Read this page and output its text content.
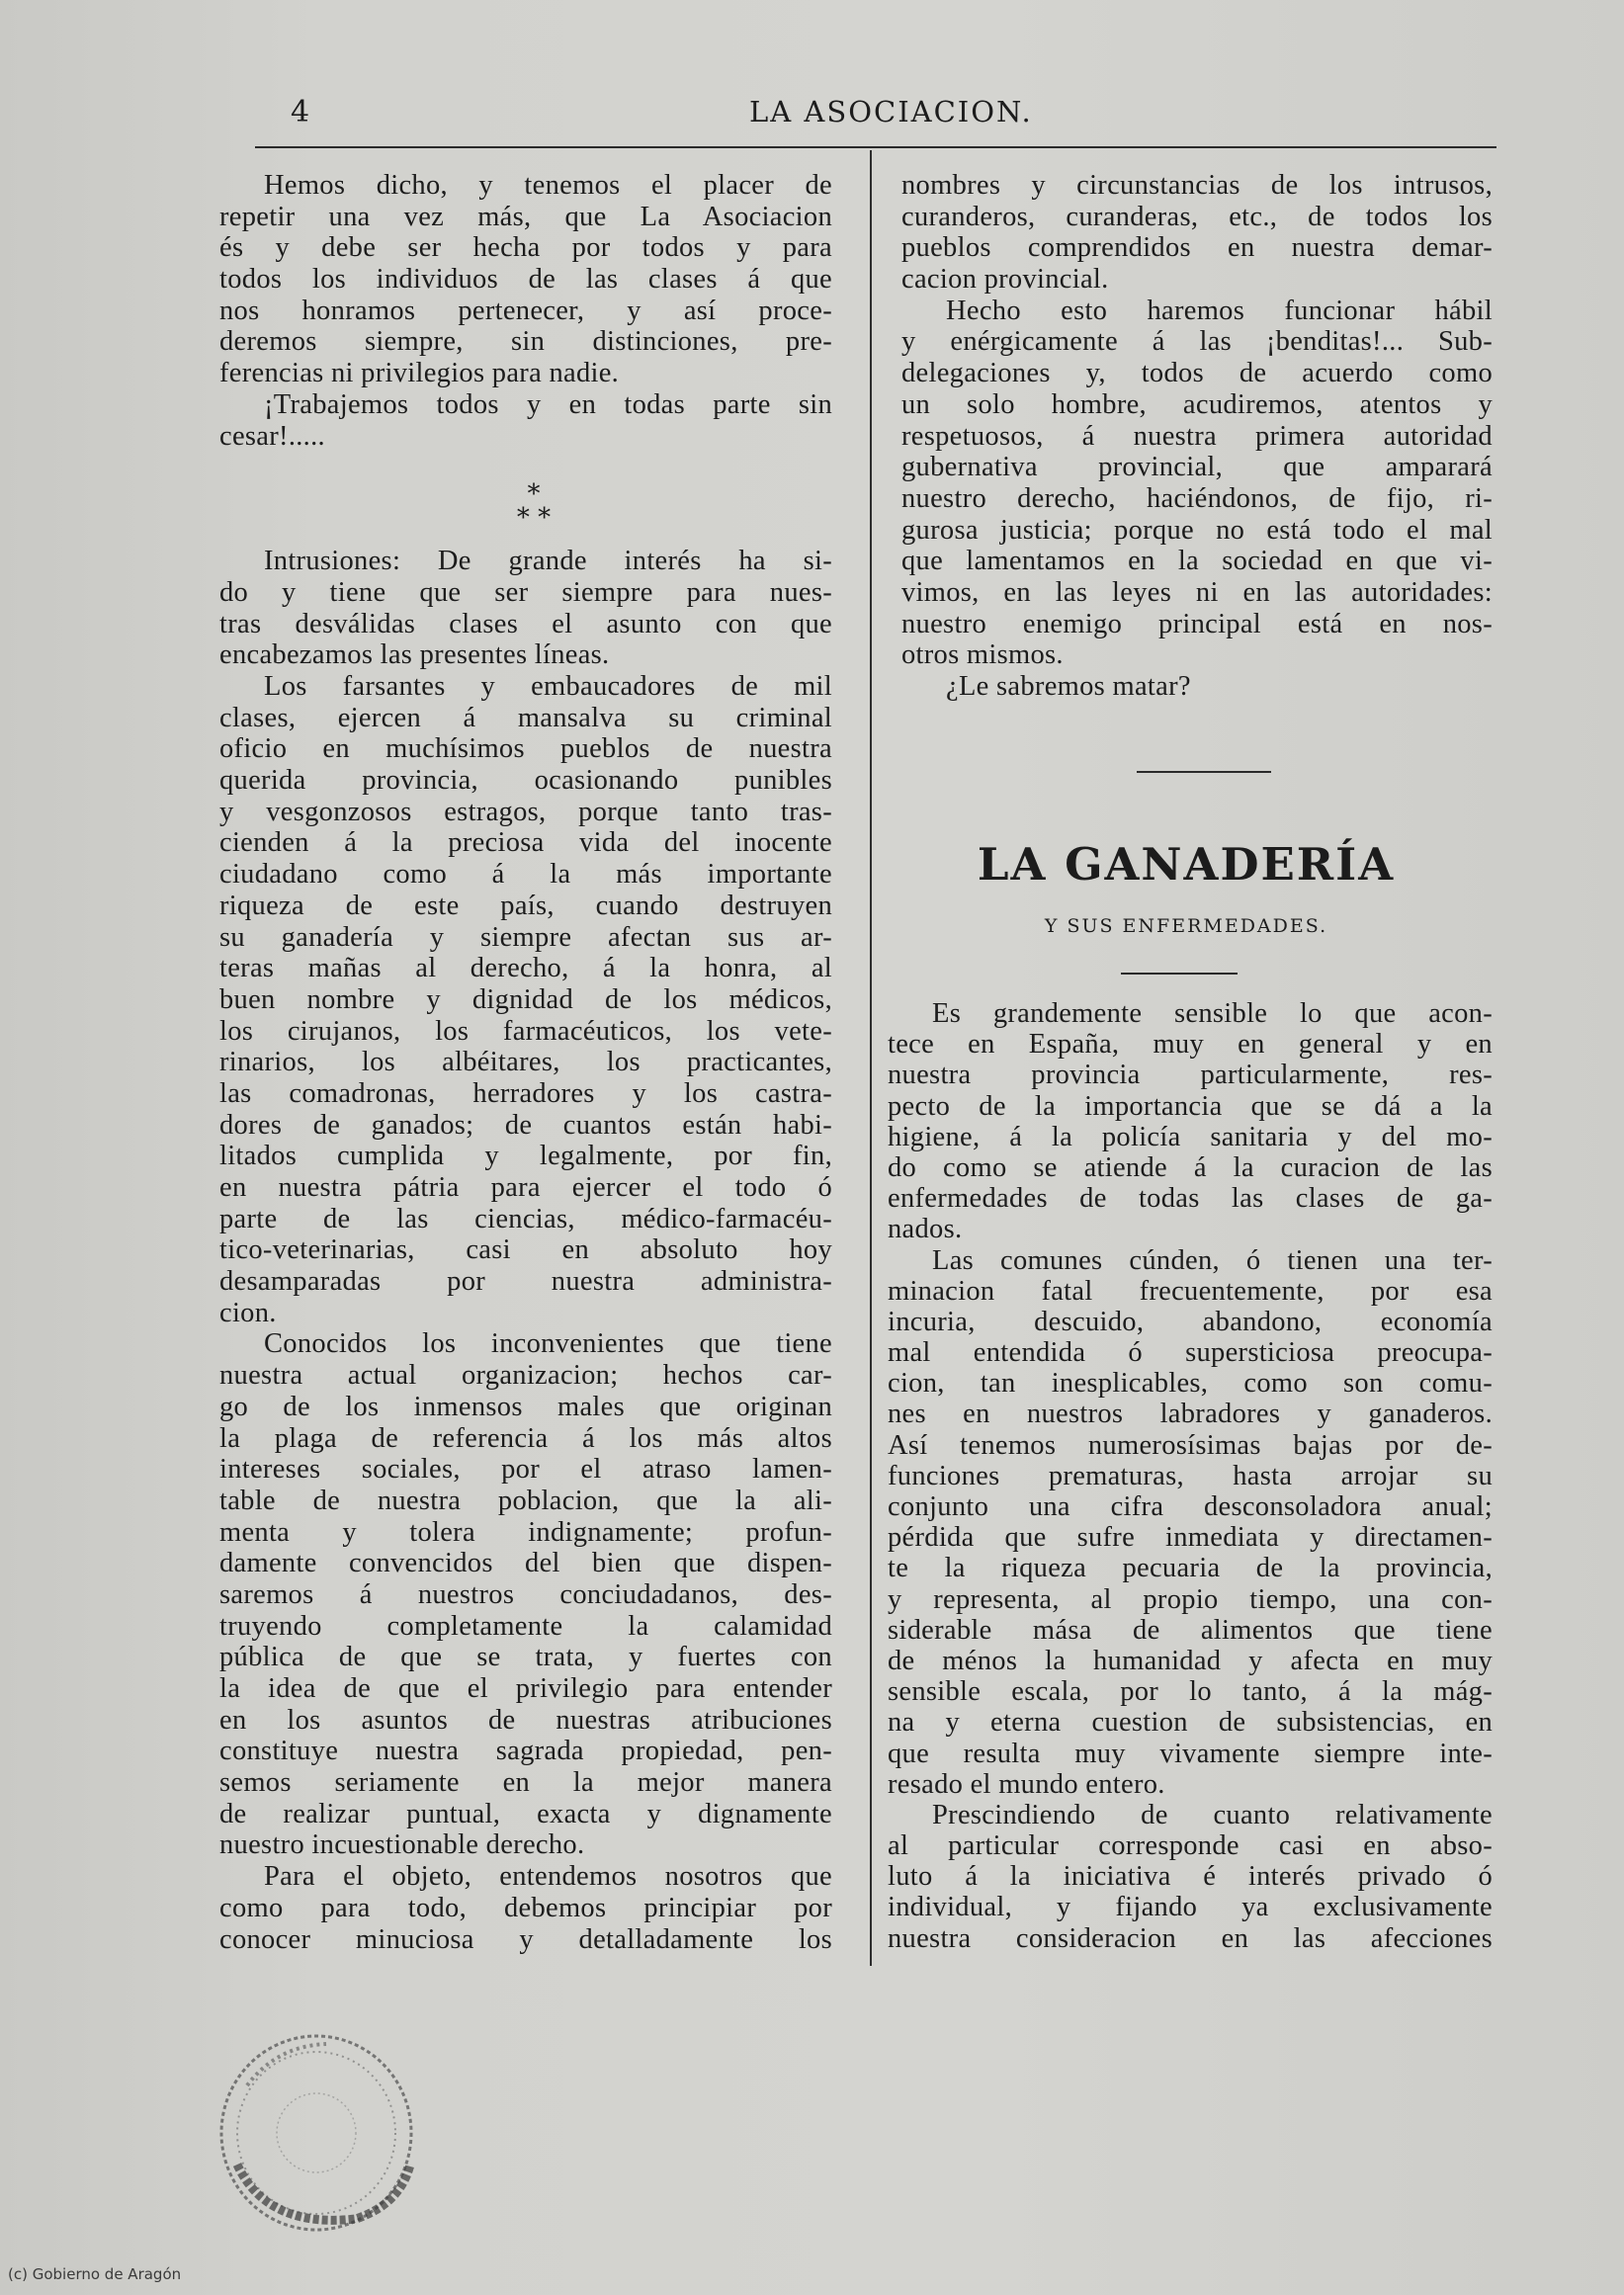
4	LA ASOCIACION.
Hemos dicho, y tenemos el placer de
repetir una vez más, que La Asociacion
és y debe ser hecha por todos y para
todos los individuos de las clases á que
nos honramos pertenecer, y así proce-
deremos siempre, sin distinciones, pre-
ferencias ni privilegios para nadie.
¡Trabajemos todos y en todas parte sin
cesar!.....
Intrusiones: De grande interés ha si-
do y tiene que ser siempre para nues-
tras desválidas clases el asunto con que
encabezamos las presentes líneas.
Los farsantes y embaucadores de mil
clases, ejercen á mansalva su criminal
oficio en muchísimos pueblos de nuestra
querida provincia, ocasionando punibles
y vesgonzosos estragos, porque tanto tras-
cienden á la preciosa vida del inocente
ciudadano como á la más importante
riqueza de este país, cuando destruyen
su ganadería y siempre afectan sus ar-
teras mañas al derecho, á la honra, al
buen nombre y dignidad de los médicos,
los cirujanos, los farmacéuticos, los vete-
rinarios, los albéitares, los practicantes,
las comadronas, herradores y los castra-
dores de ganados; de cuantos están habi-
litados cumplida y legalmente, por fin,
en nuestra pátria para ejercer el todo ó
parte de las ciencias, médico-farmacéu-
tico-veterinarias, casi en absoluto hoy
desamparadas por nuestra administra-
cion.
Conocidos los inconvenientes que tiene
nuestra actual organizacion; hechos car-
go de los inmensos males que originan
la plaga de referencia á los más altos
intereses sociales, por el atraso lamen-
table de nuestra poblacion, que la ali-
menta y tolera indignamente; profun-
damente convencidos del bien que dispen-
saremos á nuestros conciudadanos, des-
truyendo completamente la calamidad
pública de que se trata, y fuertes con
la idea de que el privilegio para entender
en los asuntos de nuestras atribuciones
constituye nuestra sagrada propiedad, pen-
semos seriamente en la mejor manera
de realizar puntual, exacta y dignamente
nuestro incuestionable derecho.
Para el objeto, entendemos nosotros que
como para todo, debemos principiar por
conocer minuciosa y detalladamente los
*
* *
nombres y circunstancias de los intrusos,
curanderos, curanderas, etc., de todos los
pueblos comprendidos en nuestra demar-
cacion provincial.
Hecho esto haremos funcionar hábil
y enérgicamente á las ¡benditas!... Sub-
delegaciones y, todos de acuerdo como
un solo hombre, acudiremos, atentos y
respetuosos, á nuestra primera autoridad
gubernativa provincial, que amparará
nuestro derecho, haciéndonos, de fijo, ri-
gurosa justicia; porque no está todo el mal
que lamentamos en la sociedad en que vi-
vimos, en las leyes ni en las autoridades:
nuestro enemigo principal está en nos-
otros mismos.
¿Le sabremos matar?
LA GANADERÍA
Y SUS ENFERMEDADES.
Es grandemente sensible lo que acon-
tece en España, muy en general y en
nuestra provincia particularmente, res-
pecto de la importancia que se dá a la
higiene, á la policía sanitaria y del mo-
do como se atiende á la curacion de las
enfermedades de todas las clases de ga-
nados.
Las comunes cúnden, ó tienen una ter-
minacion fatal frecuentemente, por esa
incuria, descuido, abandono, economía
mal entendida ó supersticiosa preocupa-
cion, tan inesplicables, como son comu-
nes en nuestros labradores y ganaderos.
Así tenemos numerosísimas bajas por de-
funciones prematuras, hasta arrojar su
conjunto una cifra desconsoladora anual;
pérdida que sufre inmediata y directamen-
te la riqueza pecuaria de la provincia,
y representa, al propio tiempo, una con-
siderable mása de alimentos que tiene
de ménos la humanidad y afecta en muy
sensible escala, por lo tanto, á la mág-
na y eterna cuestion de subsistencias, en
que resulta muy vivamente siempre inte-
resado el mundo entero.
Prescindiendo de cuanto relativamente
al particular corresponde casi en abso-
luto á la iniciativa é interés privado ó
individual, y fijando ya exclusivamente
nuestra consideracion en las afecciones
(c) Gobierno de Aragón
